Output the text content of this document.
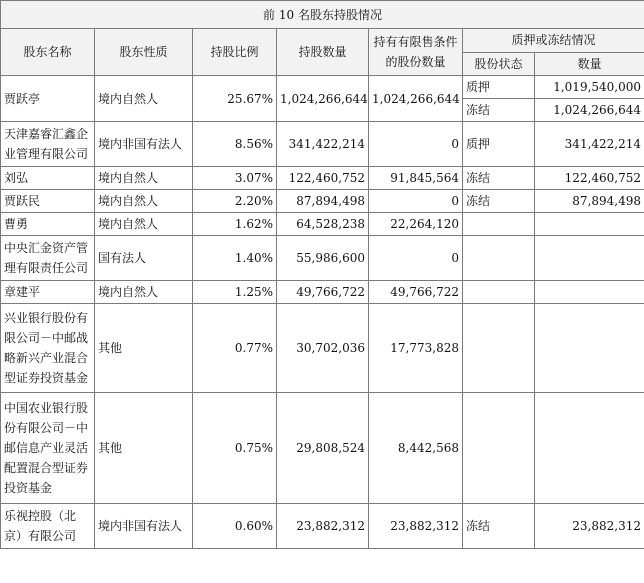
前 10 名股东持股情况						
股东名称	股东性质	持股比例	持股数量	持有有限售条件的股份数量	质押或冻结情况	
					股份状态	数量
贾跃亭	境内自然人	25.67%	1,024,266,644	1,024,266,644	质押	1,019,540,000
					冻结	1,024,266,644
天津嘉睿汇鑫企业管理有限公司	境内非国有法人	8.56%	341,422,214	0	质押	341,422,214
刘弘	境内自然人	3.07%	122,460,752	91,845,564	冻结	122,460,752
贾跃民	境内自然人	2.20%	87,894,498	0	冻结	87,894,498
曹勇	境内自然人	1.62%	64,528,238	22,264,120		
中央汇金资产管理有限责任公司	国有法人	1.40%	55,986,600	0		
章建平	境内自然人	1.25%	49,766,722	49,766,722		
兴业银行股份有限公司－中邮战略新兴产业混合型证券投资基金	其他	0.77%	30,702,036	17,773,828		
中国农业银行股份有限公司－中邮信息产业灵活配置混合型证券投资基金	其他	0.75%	29,808,524	8,442,568		
乐视控股（北京）有限公司	境内非国有法人	0.60%	23,882,312	23,882,312	冻结	23,882,312
